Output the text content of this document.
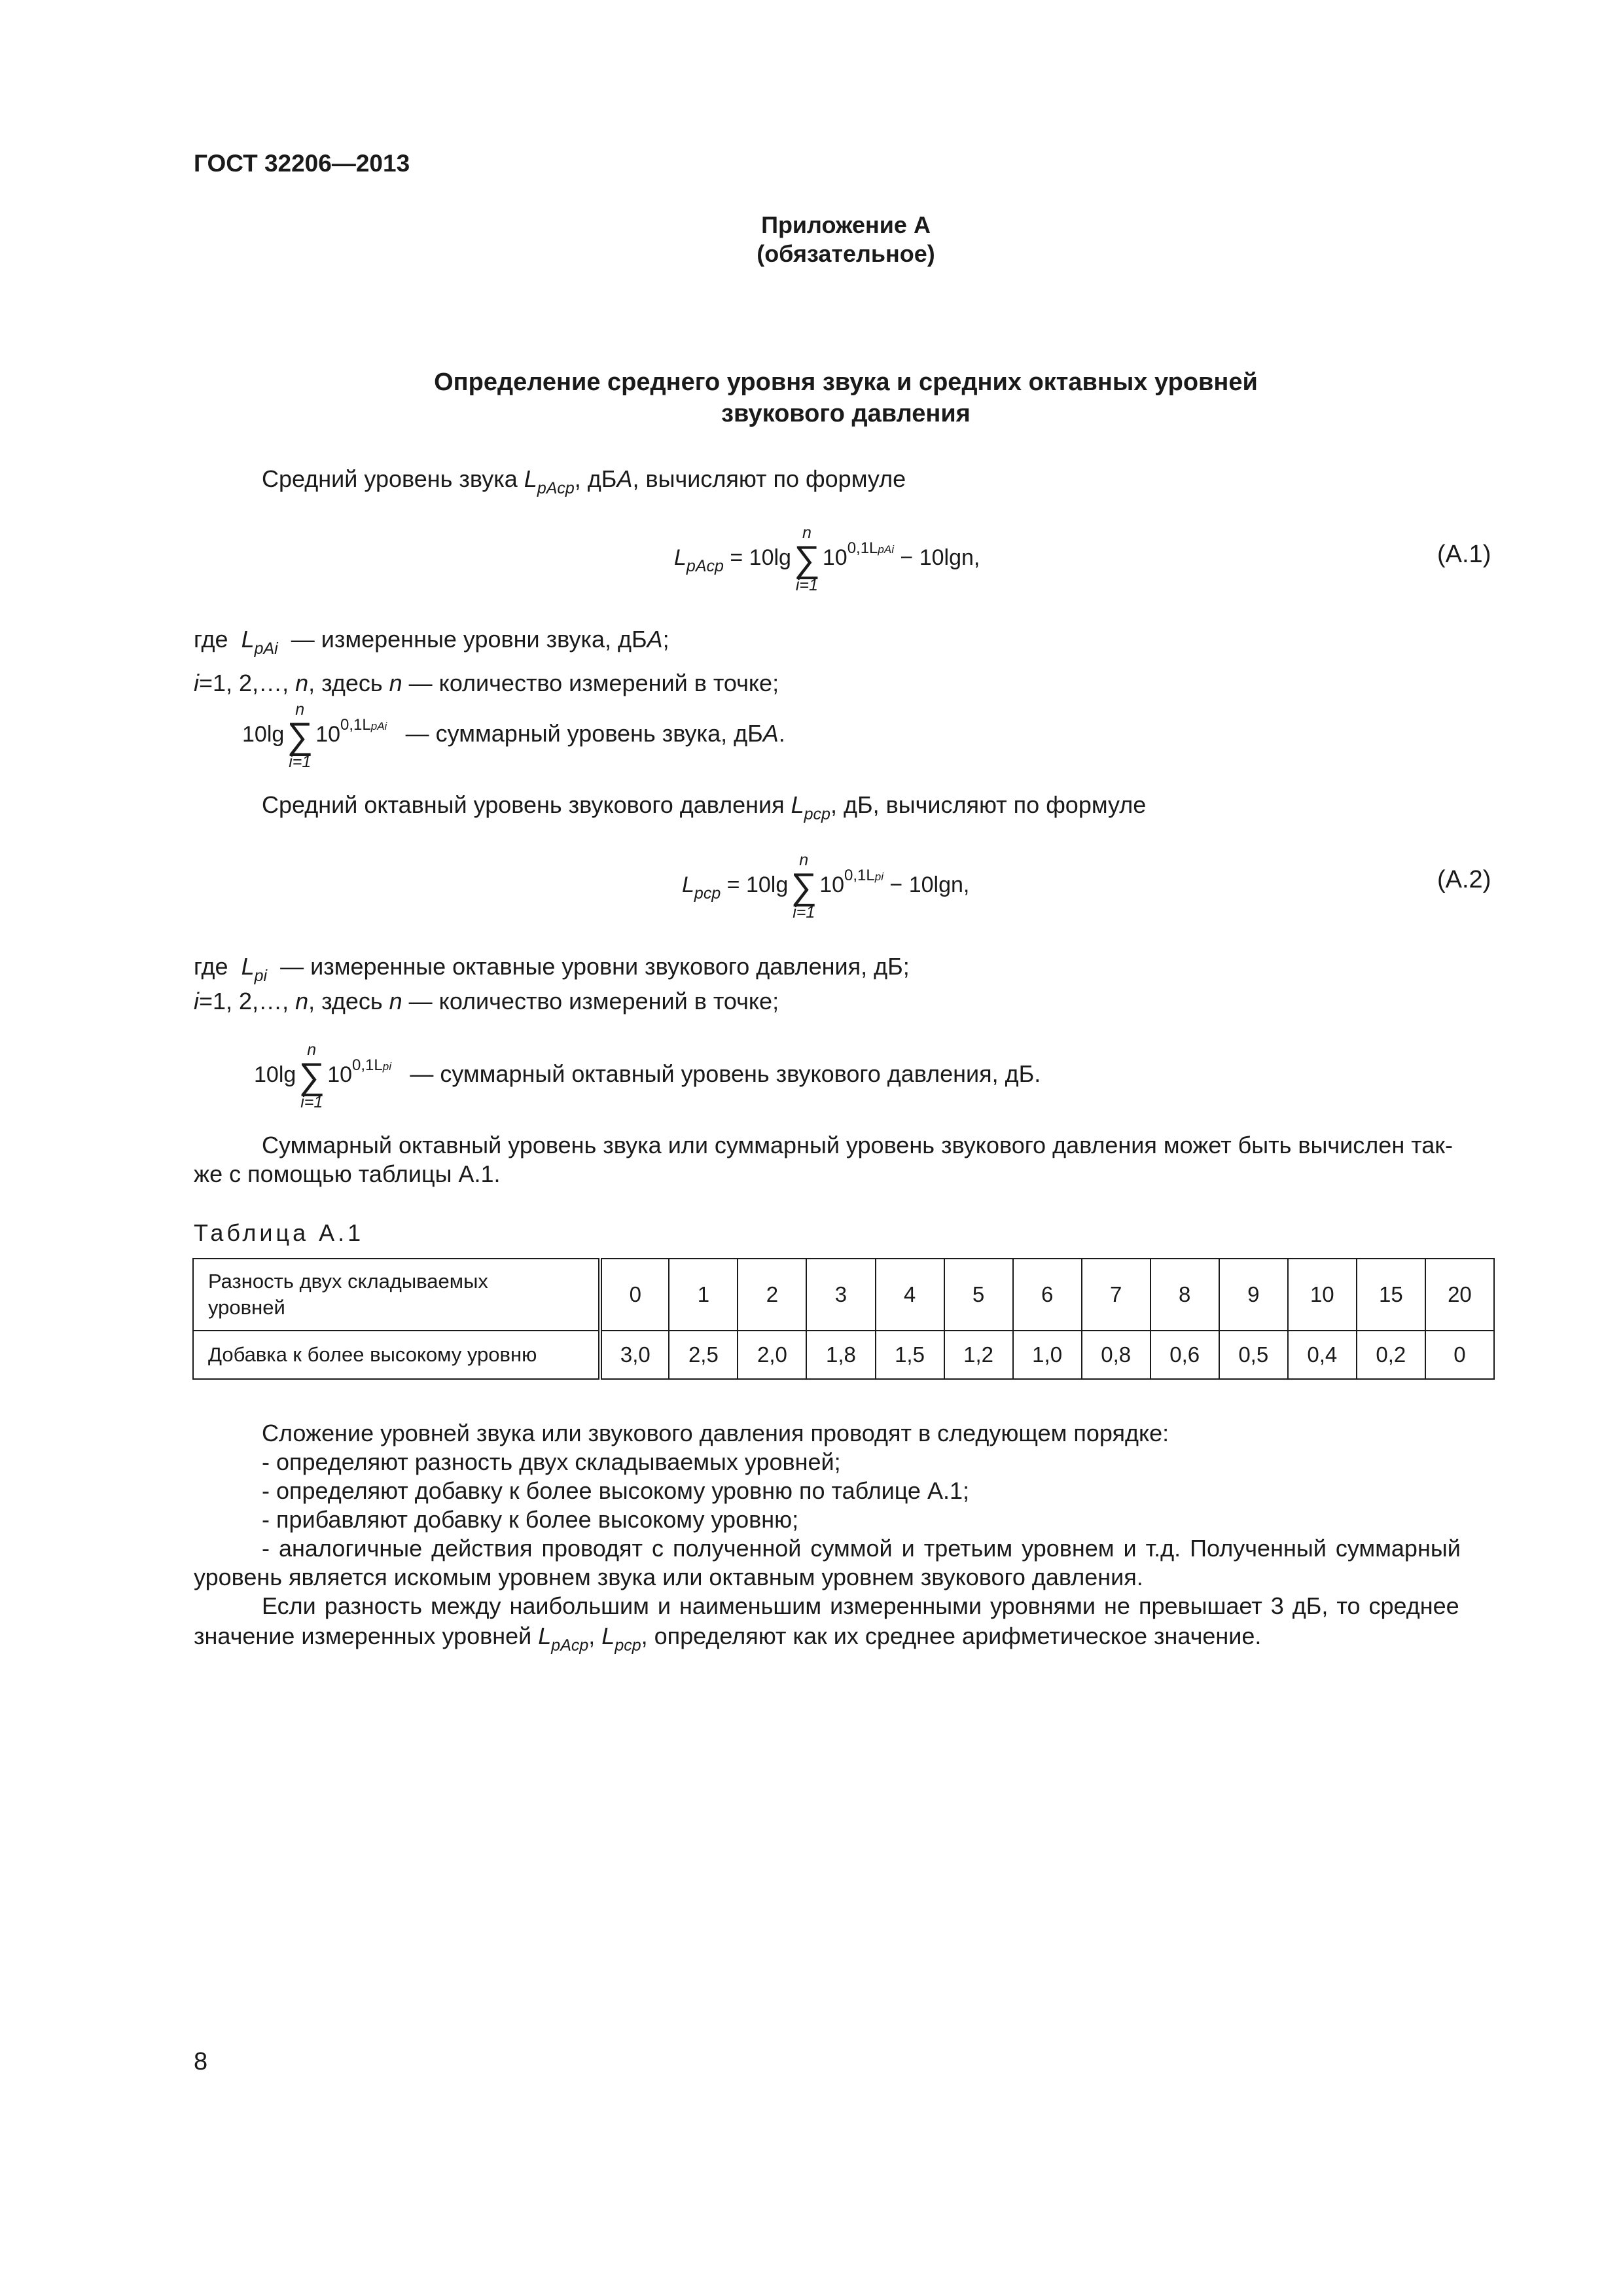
ГОСТ 32206—2013
Приложение А
(обязательное)
Определение среднего уровня звука и средних октавных уровней
звукового давления
Средний уровень звука $L_{pAcp}$, дБА, вычисляют по формуле
$L_{pAcp} = 10\lg$
n
∑
i=1
$10^{0,1LpAi} - 10\lg n$,	(А.1)
где $L_{pAi}$ — измеренные уровни звука, дБА;
i=1, 2,…, n, здесь n — количество измерений в точке;
10lg
n
∑
i=1
$10^{0,1LpAi}$ — суммарный уровень звука, дБА.
Средний октавный уровень звукового давления $L_{pcp}$, дБ, вычисляют по формуле
$L_{pcp} = 10\lg$
n
∑
i=1
$10^{0,1Lpi} - 10\lg n$,	(А.2)
где $L_{pi}$ — измеренные октавные уровни звукового давления, дБ;
i=1, 2,…, n, здесь n — количество измерений в точке;
10lg
n
∑
i=1
$10^{0,1Lpi}$ — суммарный октавный уровень звукового давления, дБ.
Суммарный октавный уровень звука или суммарный уровень звукового давления может быть вычислен так-
же с помощью таблицы А.1.
Таблица А.1
Разность двух складываемых
уровней	0	1	2	3	4	5	6	7	8	9	10	15	20
Добавка к более высокому уровню	3,0	2,5	2,0	1,8	1,5	1,2	1,0	0,8	0,6	0,5	0,4	0,2	0
Сложение уровней звука или звукового давления проводят в следующем порядке:
- определяют разность двух складываемых уровней;
- определяют добавку к более высокому уровню по таблице А.1;
- прибавляют добавку к более высокому уровню;
- аналогичные действия проводят с полученной суммой и третьим уровнем и т.д. Полученный суммарный
уровень является искомым уровнем звука или октавным уровнем звукового давления.
Если разность между наибольшим и наименьшим измеренными уровнями не превышает 3 дБ, то среднее
значение измеренных уровней $L_{pAcp}$, $L_{pcp}$, определяют как их среднее арифметическое значение.
8
